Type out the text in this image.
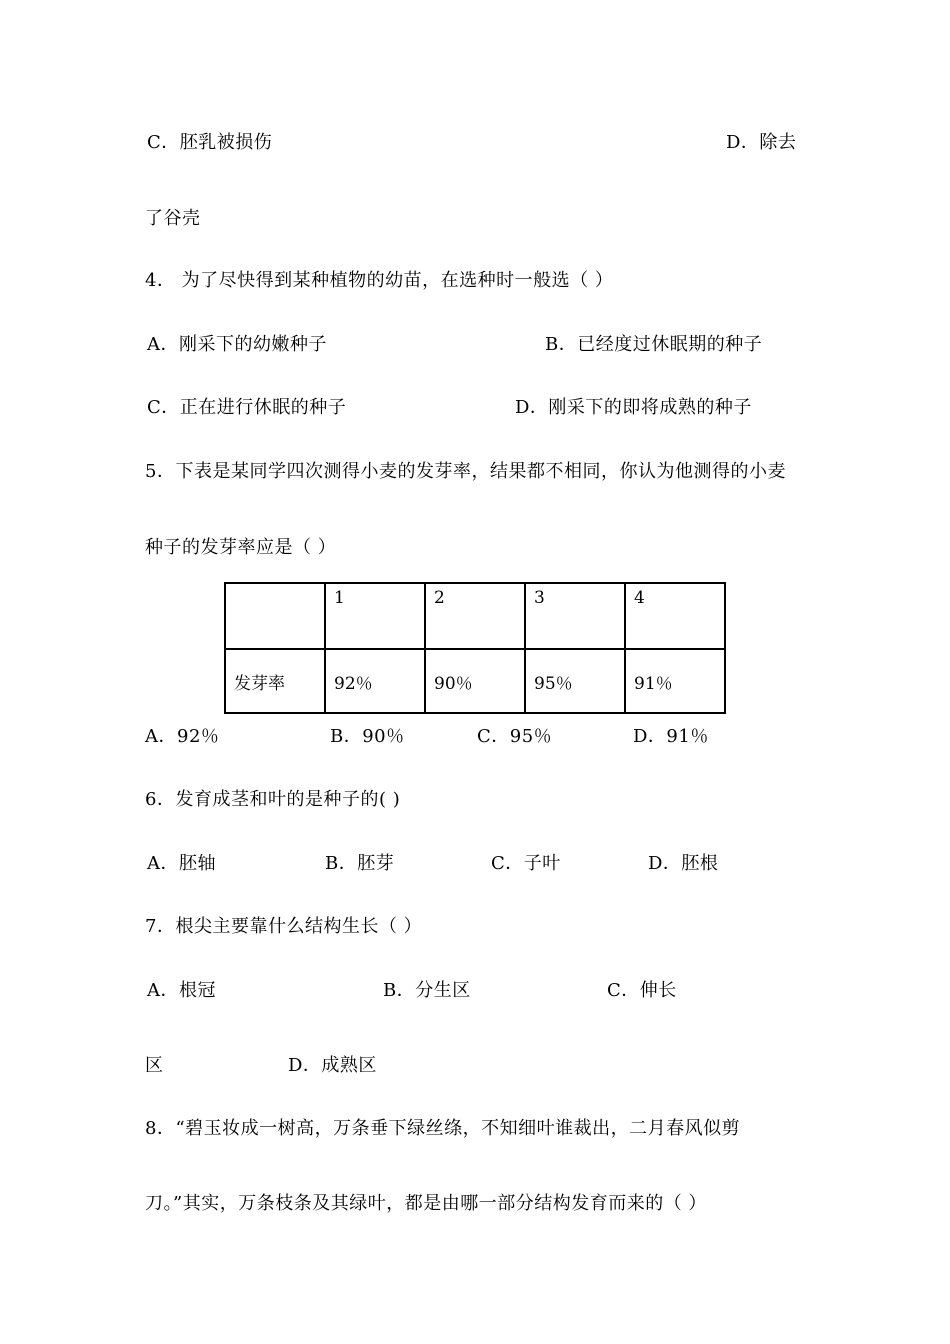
C．胚乳被损伤	D．除去
了谷壳
4． 为了尽快得到某种植物的幼苗，在选种时一般选（ ）
A．刚采下的幼嫩种子	B．已经度过休眠期的种子
C．正在进行休眠的种子	D．刚采下的即将成熟的种子
5．下表是某同学四次测得小麦的发芽率，结果都不相同，你认为他测得的小麦
种子的发芽率应是（ ）
	1	2	3	4
发芽率	92％	90％	95％	91％
A．92％	B．90％	C．95％	D．91％
6．发育成茎和叶的是种子的( )
A．胚轴	B．胚芽	C．子叶	D．胚根
7．根尖主要靠什么结构生长（ ）
A．根冠	B．分生区	C．伸长
区	D．成熟区
8．“碧玉妆成一树高，万条垂下绿丝绦，不知细叶谁裁出，二月春风似剪
刀。”其实，万条枝条及其绿叶，都是由哪一部分结构发育而来的（ ）
